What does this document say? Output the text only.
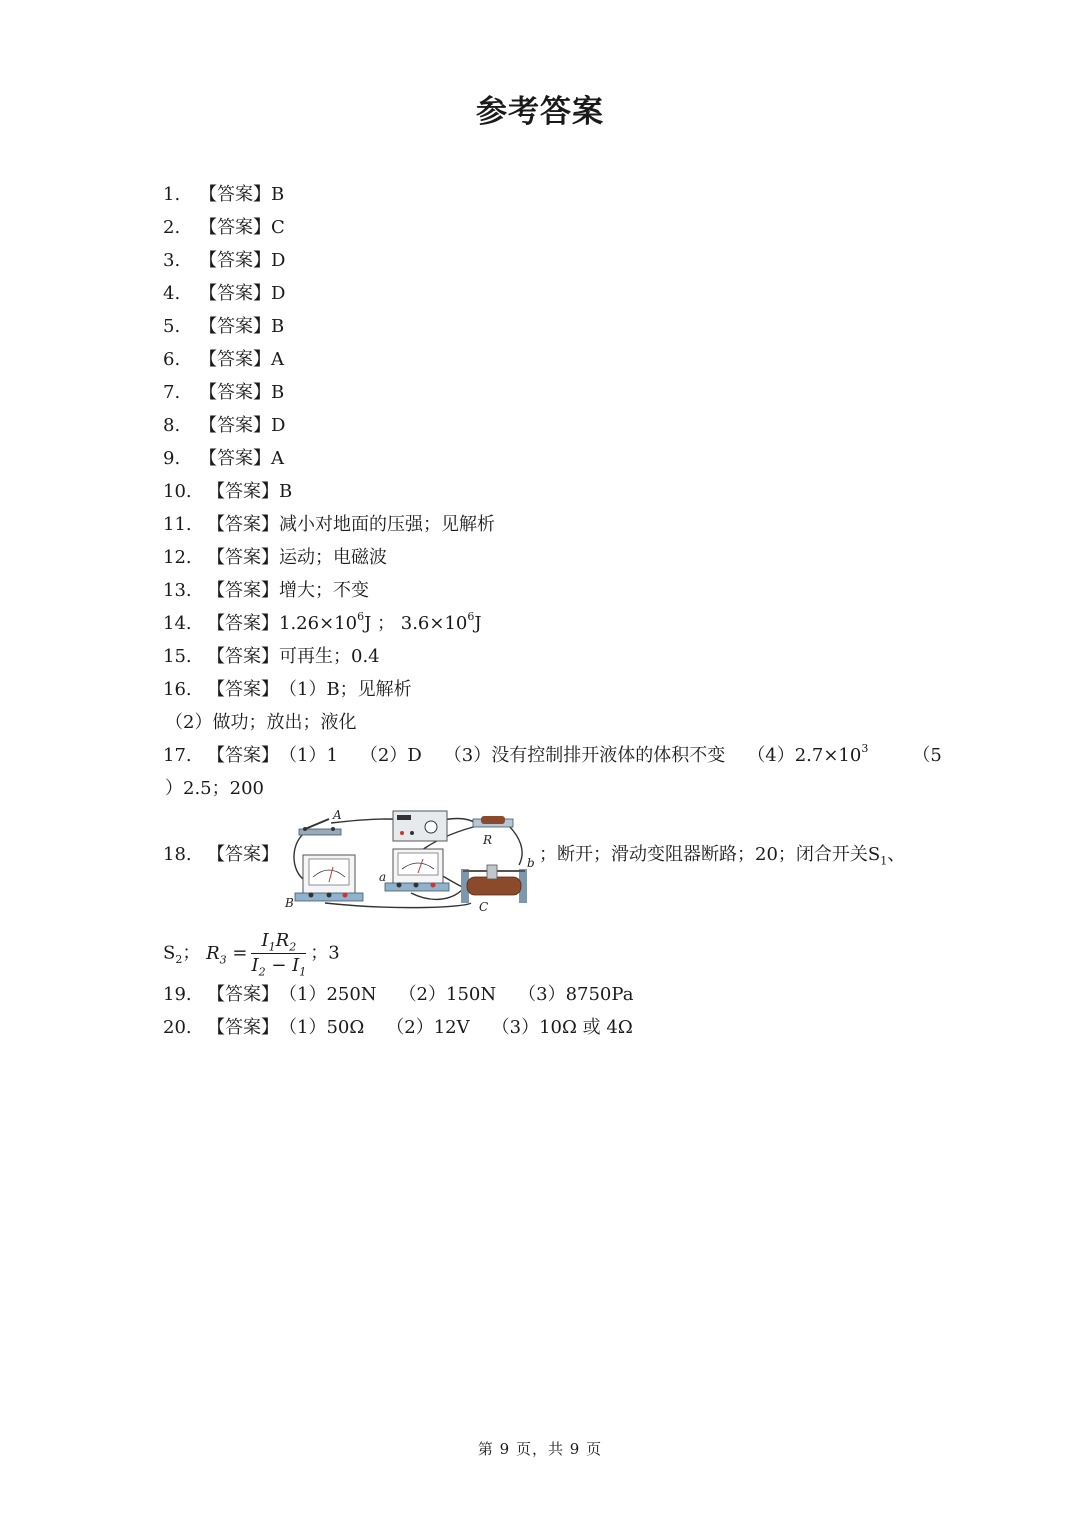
参考答案
1. 【答案】B
2. 【答案】C
3. 【答案】D
4. 【答案】D
5. 【答案】B
6. 【答案】A
7. 【答案】B
8. 【答案】D
9. 【答案】A
10. 【答案】B
11. 【答案】减小对地面的压强；见解析
12. 【答案】运动；电磁波
13. 【答案】增大；不变
14. 【答案】$1.26\times 10^6J$ ； $3.6\times 10^6J$
15. 【答案】可再生；0.4
16. 【答案】（1）B；见解析
（2）做功；放出；液化
17. 【答案】（1）1 （2）D （3）没有控制排开液体的体积不变 $(4)2.7\times 10^3$ （5
）2.5；200
18. 【答案】
A
B
R
a
b
C
；断开；滑动变阻器断路；20；闭合开关$S_1$、
$S_2$； $R_3 = \frac{I_1R_2}{I_2 - I_1}$ ；3
19. 【答案】（1）250N （2）150N （3）8750Pa
20. 【答案】（1）50Ω （2）12V （3）10Ω 或 4Ω
第 9 页，共 9 页
